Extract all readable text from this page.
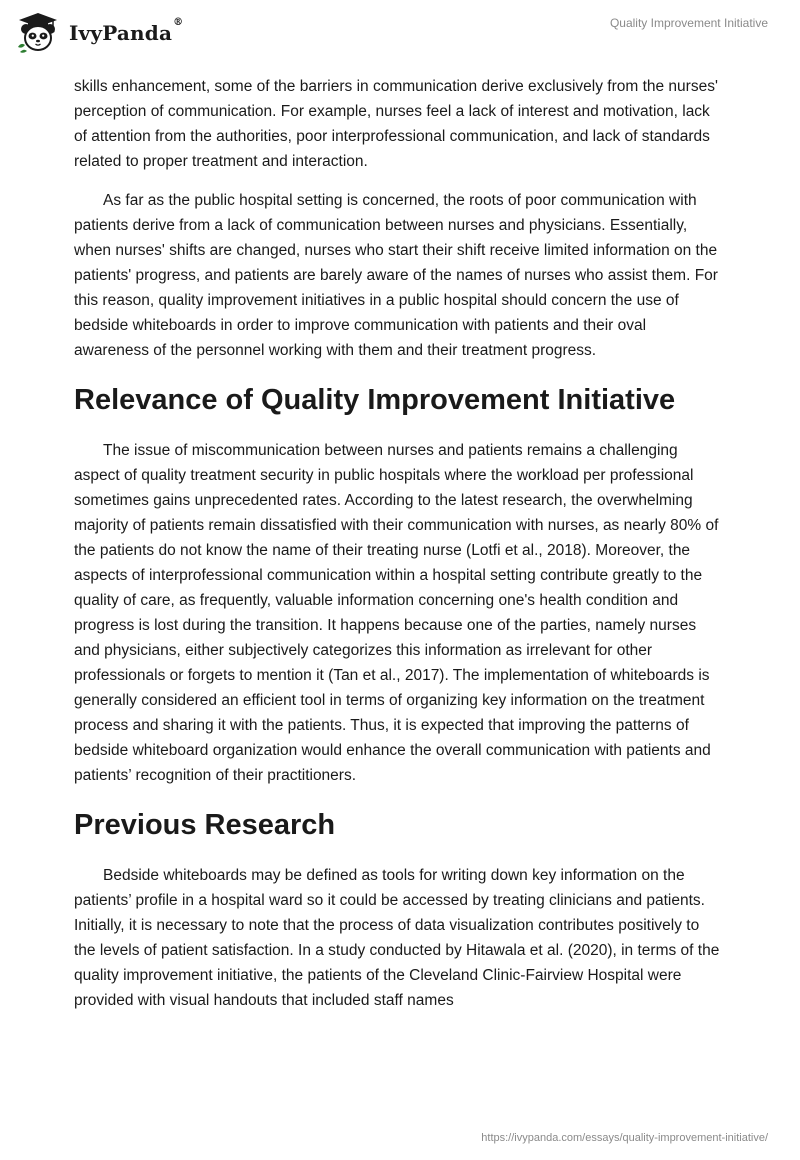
IvyPanda®	Quality Improvement Initiative

skills enhancement, some of the barriers in communication derive exclusively from the nurses' perception of communication. For example, nurses feel a lack of interest and motivation, lack of attention from the authorities, poor interprofessional communication, and lack of standards related to proper treatment and interaction.

As far as the public hospital setting is concerned, the roots of poor communication with patients derive from a lack of communication between nurses and physicians. Essentially, when nurses' shifts are changed, nurses who start their shift receive limited information on the patients' progress, and patients are barely aware of the names of nurses who assist them. For this reason, quality improvement initiatives in a public hospital should concern the use of bedside whiteboards in order to improve communication with patients and their oval awareness of the personnel working with them and their treatment progress.

Relevance of Quality Improvement Initiative

The issue of miscommunication between nurses and patients remains a challenging aspect of quality treatment security in public hospitals where the workload per professional sometimes gains unprecedented rates. According to the latest research, the overwhelming majority of patients remain dissatisfied with their communication with nurses, as nearly 80% of the patients do not know the name of their treating nurse (Lotfi et al., 2018). Moreover, the aspects of interprofessional communication within a hospital setting contribute greatly to the quality of care, as frequently, valuable information concerning one's health condition and progress is lost during the transition. It happens because one of the parties, namely nurses and physicians, either subjectively categorizes this information as irrelevant for other professionals or forgets to mention it (Tan et al., 2017). The implementation of whiteboards is generally considered an efficient tool in terms of organizing key information on the treatment process and sharing it with the patients. Thus, it is expected that improving the patterns of bedside whiteboard organization would enhance the overall communication with patients and patients’ recognition of their practitioners.

Previous Research

Bedside whiteboards may be defined as tools for writing down key information on the patients’ profile in a hospital ward so it could be accessed by treating clinicians and patients. Initially, it is necessary to note that the process of data visualization contributes positively to the levels of patient satisfaction. In a study conducted by Hitawala et al. (2020), in terms of the quality improvement initiative, the patients of the Cleveland Clinic-Fairview Hospital were provided with visual handouts that included staff names

https://ivypanda.com/essays/quality-improvement-initiative/
